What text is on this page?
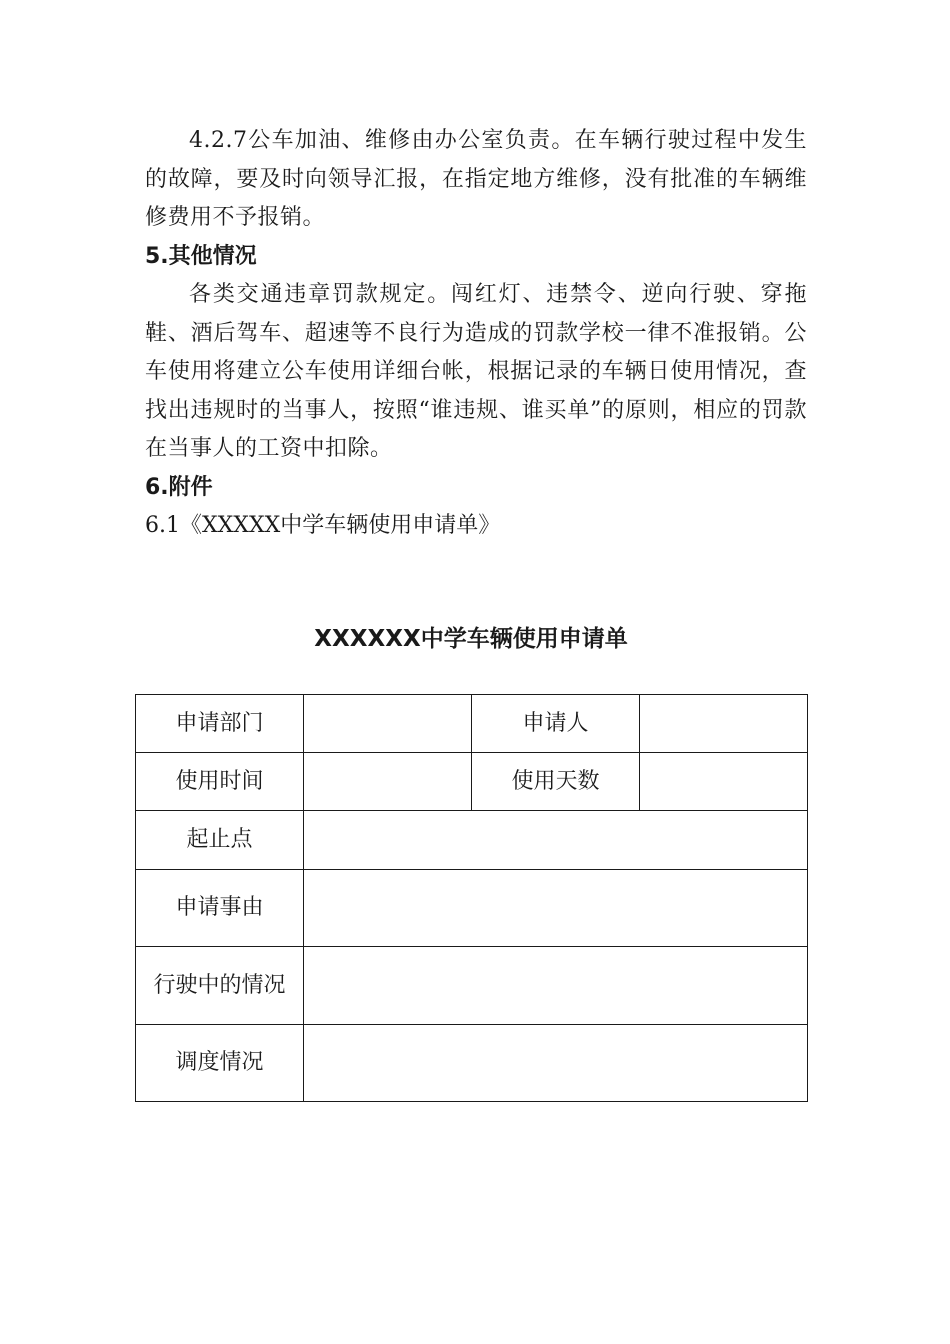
4.2.7公车加油、维修由办公室负责。在车辆行驶过程中发生的故障，要及时向领导汇报，在指定地方维修，没有批准的车辆维修费用不予报销。

5.其他情况

各类交通违章罚款规定。闯红灯、违禁令、逆向行驶、穿拖鞋、酒后驾车、超速等不良行为造成的罚款学校一律不准报销。公车使用将建立公车使用详细台帐，根据记录的车辆日使用情况，查找出违规时的当事人，按照“谁违规、谁买单”的原则，相应的罚款在当事人的工资中扣除。

6.附件

6.1《XXXXX中学车辆使用申请单》

XXXXXX中学车辆使用申请单
申请部门		申请人	
使用时间		使用天数	
起止点			
申请事由			
行驶中的情况			
调度情况			
